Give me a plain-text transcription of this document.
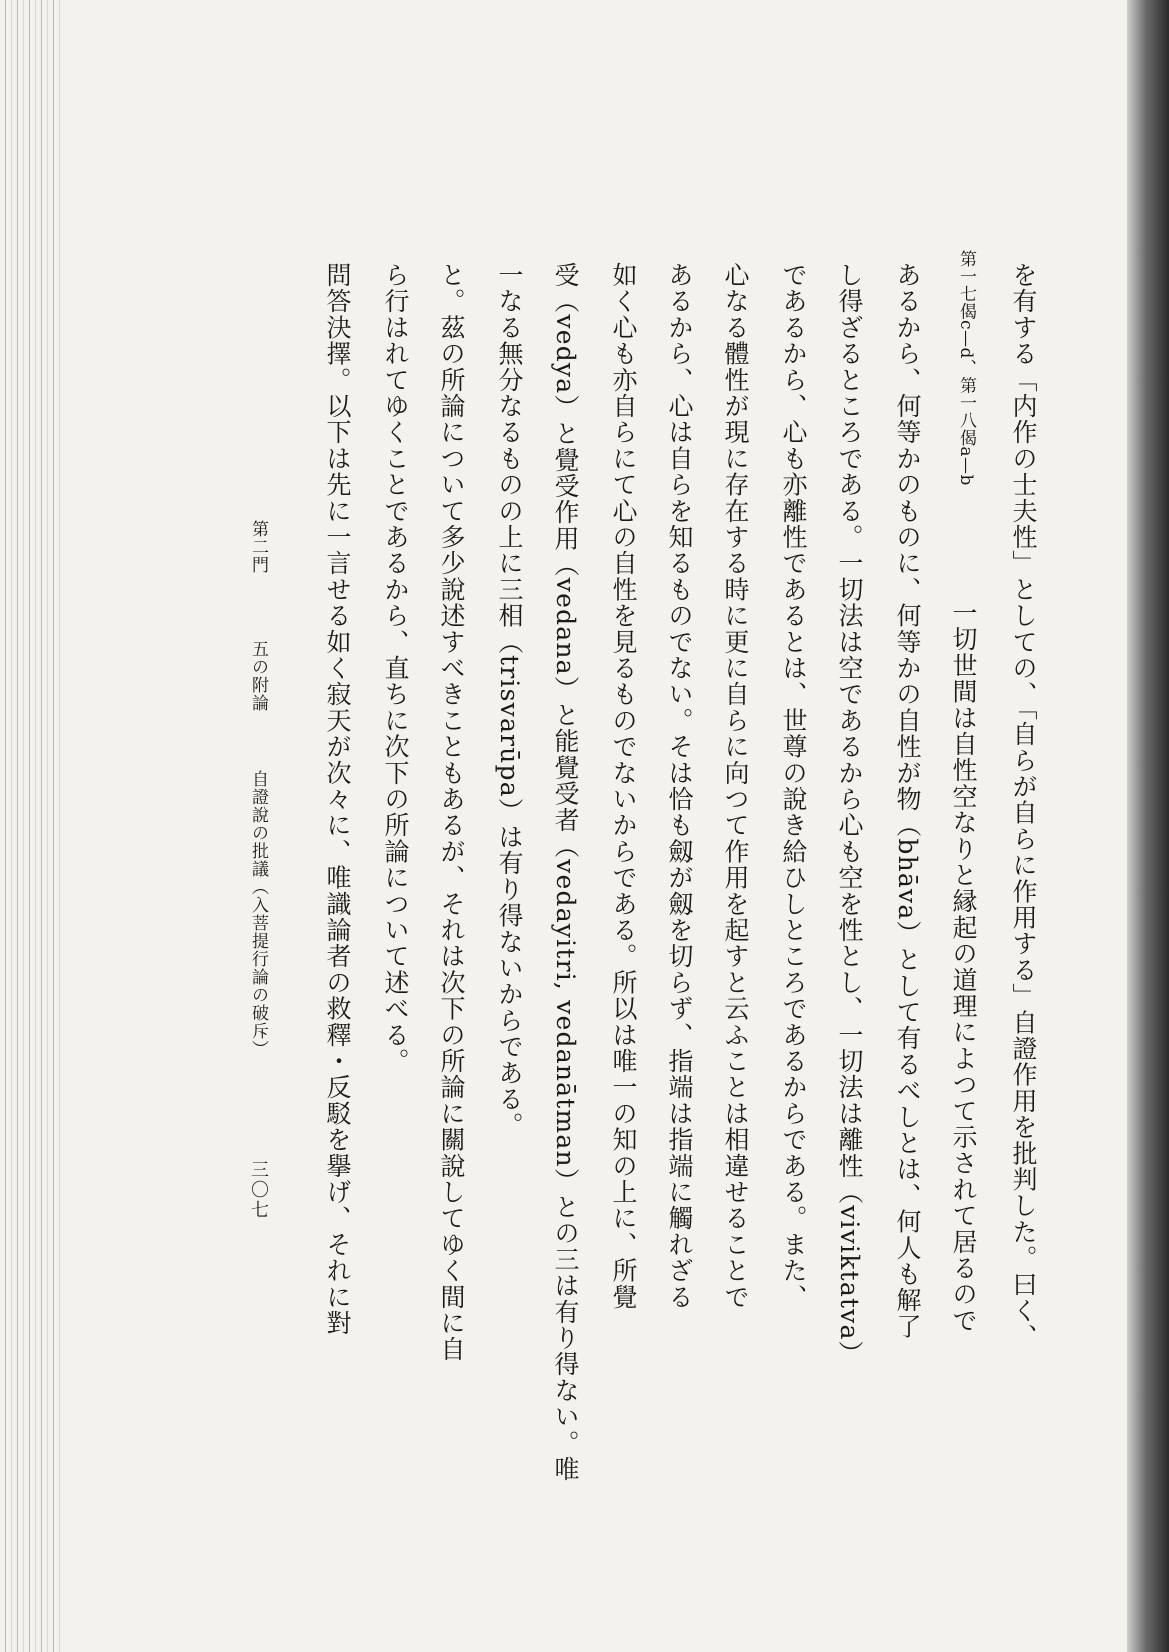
を有する「内作の士夫性」としての、「自らが自らに作用する」自證作用を批判した。曰く、
第一七偈c—d、第一八偈a—b
一切世間は自性空なりと縁起の道理によつて示されて居るので
あるから、何等かのものに、何等かの自性が物（bhāva）として有るべしとは、何人も解了
し得ざるところである。一切法は空であるから心も空を性とし、一切法は離性（viviktatva）
であるから、心も亦離性であるとは、世尊の說き給ひしところであるからである。また、
心なる體性が現に存在する時に更に自らに向つて作用を起すと云ふことは相違せることで
あるから、心は自らを知るものでない。そは恰も劔が劔を切らず、指端は指端に觸れざる
如く心も亦自らにて心の自性を見るものでないからである。所以は唯一の知の上に、所覺
受（vedya）と覺受作用（vedana）と能覺受者（vedayitri, vedanātman）との三は有り得ない。唯
一なる無分なるものの上に三相（trisvarūpa）は有り得ないからである。
と。茲の所論について多少說述すべきこともあるが、それは次下の所論に關說してゆく間に自
ら行はれてゆくことであるから、直ちに次下の所論について述べる。
問答決擇。以下は先に一言せる如く寂天が次々に、唯識論者の救釋・反駁を擧げ、それに對
第二門
五の附論
自證說の批議（入菩提行論の破斥）
三〇七
